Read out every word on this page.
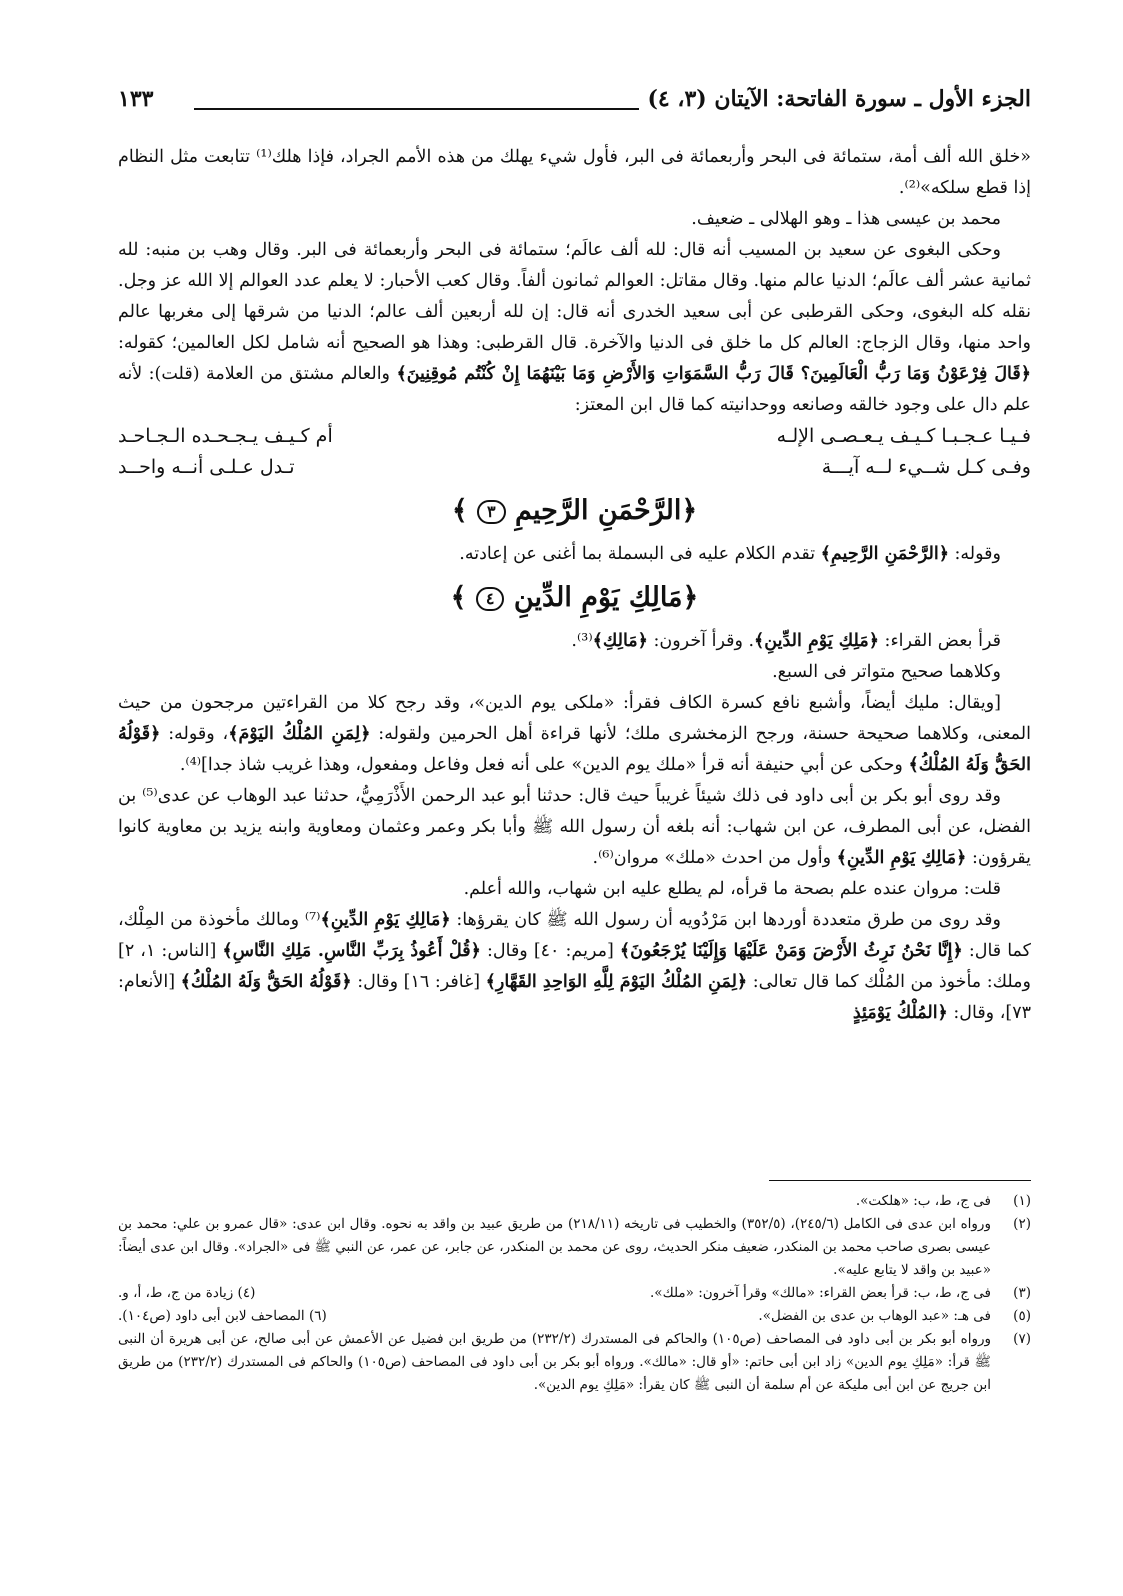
الجزء الأول ـ سورة الفاتحة: الآيتان (٣، ٤)
١٣٣

«خلق الله ألف أمة، ستمائة فى البحر وأربعمائة فى البر، فأول شيء يهلك من هذه الأمم الجراد، فإذا هلك⁽¹⁾ تتابعت مثل النظام إذا قطع سلكه»⁽²⁾.

محمد بن عيسى هذا ـ وهو الهلالى ـ ضعيف.

وحكى البغوى عن سعيد بن المسيب أنه قال: لله ألف عالَم؛ ستمائة فى البحر وأربعمائة فى البر. وقال وهب بن منبه: لله ثمانية عشر ألف عالَم؛ الدنيا عالم منها. وقال مقاتل: العوالم ثمانون ألفاً. وقال كعب الأحبار: لا يعلم عدد العوالم إلا الله عز وجل. نقله كله البغوى، وحكى القرطبى عن أبى سعيد الخدرى أنه قال: إن لله أربعين ألف عالم؛ الدنيا من شرقها إلى مغربها عالم واحد منها، وقال الزجاج: العالم كل ما خلق فى الدنيا والآخرة. قال القرطبى: وهذا هو الصحيح أنه شامل لكل العالمين؛ كقوله: ﴿قَالَ فِرْعَوْنُ وَمَا رَبُّ الْعَالَمِينَ؟ قَالَ رَبُّ السَّمَوَاتِ وَالأَرْضِ وَمَا بَيْنَهُمَا إِنْ كُنْتُم مُوقِنِينَ﴾ والعالم مشتق من العلامة (قلت): لأنه علم دال على وجود خالقه وصانعه ووحدانيته كما قال ابن المعتز:

فـيـا عـجـبـا كـيـف يـعـصـى الإلـه
أم كـيـف يـجـحـده الـجـاحـد
وفـى كـل شــيء لــه آيـــة
تـدل عـلـى أنــه واحــد
﴿الرَّحْمَنِ الرَّحِيمِ ٣ ﴾

وقوله: ﴿الرَّحْمَنِ الرَّحِيمِ﴾ تقدم الكلام عليه فى البسملة بما أغنى عن إعادته.

﴿مَالِكِ يَوْمِ الدِّينِ ٤ ﴾

قرأ بعض القراء: ﴿مَلِكِ يَوْمِ الدِّينِ﴾. وقرأ آخرون: ﴿مَالِكِ﴾⁽³⁾.

وكلاهما صحيح متواتر فى السبع.

[ويقال: مليك أيضاً، وأشبع نافع كسرة الكاف فقرأ: «ملكى يوم الدين»، وقد رجح كلا من القراءتين مرجحون من حيث المعنى، وكلاهما صحيحة حسنة، ورجح الزمخشرى ملك؛ لأنها قراءة أهل الحرمين ولقوله: ﴿لِمَنِ المُلْكُ اليَوْمَ﴾، وقوله: ﴿قَوْلُهُ الحَقُّ وَلَهُ المُلْكُ﴾ وحكى عن أبي حنيفة أنه قرأ «ملك يوم الدين» على أنه فعل وفاعل ومفعول، وهذا غريب شاذ جدا]⁽⁴⁾.

وقد روى أبو بكر بن أبى داود فى ذلك شيئاً غريباً حيث قال: حدثنا أبو عبد الرحمن الأَذْرَمِيُّ، حدثنا عبد الوهاب عن عدى⁽⁵⁾ بن الفضل، عن أبى المطرف، عن ابن شهاب: أنه بلغه أن رسول الله ﷺ وأبا بكر وعمر وعثمان ومعاوية وابنه يزيد بن معاوية كانوا يقرؤون: ﴿مَالِكِ يَوْمِ الدِّينِ﴾ وأول من احدث «ملك» مروان⁽⁶⁾.

قلت: مروان عنده علم بصحة ما قرأه، لم يطلع عليه ابن شهاب، والله أعلم.

وقد روى من طرق متعددة أوردها ابن مَرْدُويه أن رسول الله ﷺ كان يقرؤها: ﴿مَالِكِ يَوْمِ الدِّينِ﴾⁽⁷⁾ ومالك مأخوذة من المِلْك، كما قال: ﴿إِنَّا نَحْنُ نَرِثُ الأَرْضَ وَمَنْ عَلَيْهَا وَإِلَيْنَا يُرْجَعُونَ﴾ [مريم: ٤٠] وقال: ﴿قُلْ أَعُوذُ بِرَبِّ النَّاسِ. مَلِكِ النَّاسِ﴾ [الناس: ١، ٢] وملك: مأخوذ من المُلْك كما قال تعالى: ﴿لِمَنِ المُلْكُ اليَوْمَ لِلَّهِ الوَاحِدِ القَهَّارِ﴾ [غافر: ١٦] وقال: ﴿قَوْلُهُ الحَقُّ وَلَهُ المُلْكُ﴾ [الأنعام: ٧٣]، وقال: ﴿المُلْكُ يَوْمَئِذٍ

(١)
فى ج، ط، ب: «هلكت».
(٢)
ورواه ابن عدى فى الكامل (٢٤٥/٦)، (٣٥٢/٥) والخطيب فى تاريخه (٢١٨/١١) من طريق عبيد بن واقد به نحوه. وقال ابن عدى: «قال عمرو بن علي: محمد بن عيسى بصرى صاحب محمد بن المنكدر، ضعيف منكر الحديث، روى عن محمد بن المنكدر، عن جابر، عن عمر، عن النبي ﷺ فى «الجراد». وقال ابن عدى أيضاً: «عبيد بن واقد لا يتابع عليه».
(٣)
فى ج، ط، ب: قرأ بعض القراء: «مالك» وقرأ آخرون: «ملك».
(٤) زيادة من ج، ط، أ، و.
(٥)
فى هـ: «عبد الوهاب بن عدى بن الفضل».
(٦) المصاحف لابن أبى داود (ص١٠٤).
(٧)
ورواه أبو بكر بن أبى داود فى المصاحف (ص١٠٥) والحاكم فى المستدرك (٢٣٢/٢) من طريق ابن فضيل عن الأعمش عن أبى صالح، عن أبى هريرة أن النبى ﷺ قرأ: «مَلِكِ يوم الدين» زاد ابن أبى حاتم: «أو قال: «مالك». ورواه أبو بكر بن أبى داود فى المصاحف (ص١٠٥) والحاكم فى المستدرك (٢٣٢/٢) من طريق ابن جريج عن ابن أبى مليكة عن أم سلمة أن النبى ﷺ كان يقرأ: «مَلِكِ يوم الدين».
